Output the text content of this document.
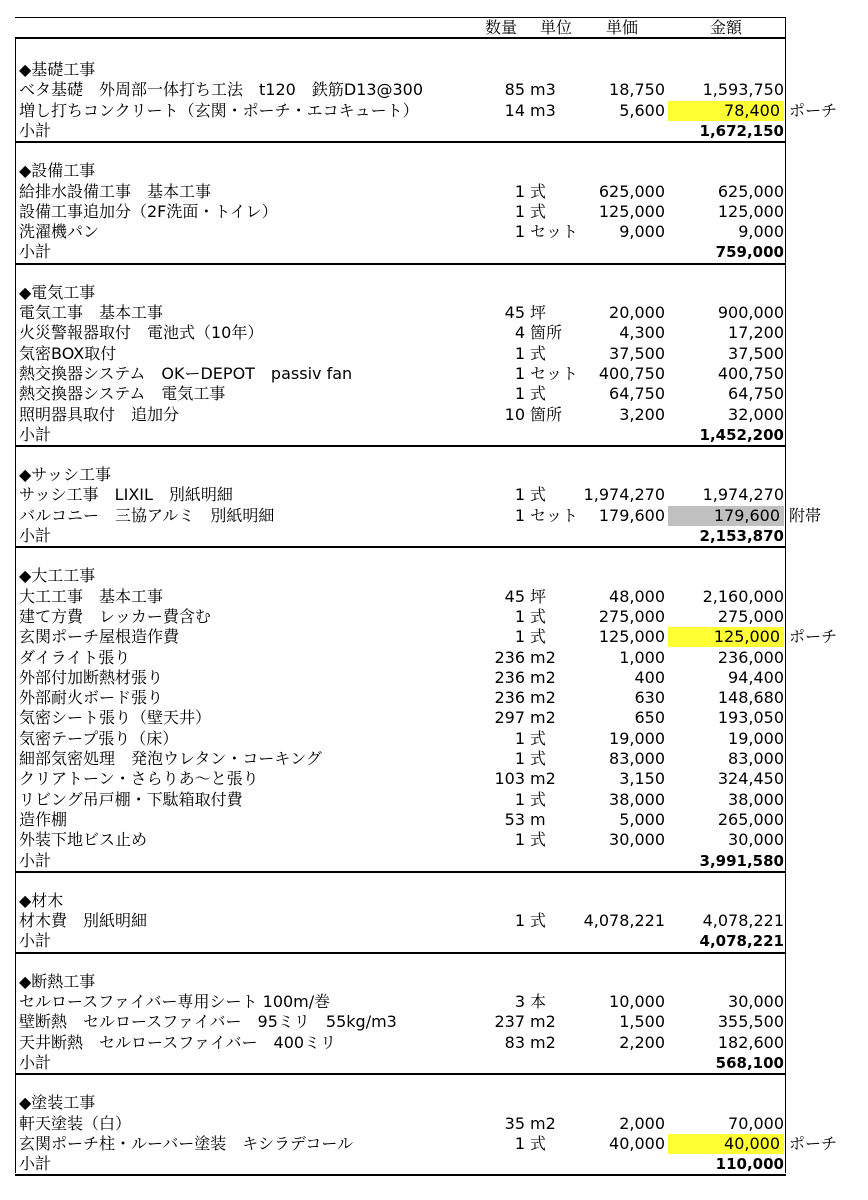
数量 単位 単価	金額
◆基礎工事
ベタ基礎　外周部一体打ち工法　t120　鉄筋D13@300	85 m3	18,750	1,593,750
増し打ちコンクリート（玄関・ポーチ・エコキュート）	14 m3	5,600	78,400 ポーチ
小計	1,672,150
◆設備工事
給排水設備工事　基本工事	1 式	625,000	625,000
設備工事追加分（2F洗面・トイレ）	1 式	125,000	125,000
洗濯機パン	1 セット	9,000	9,000
小計	759,000
◆電気工事
電気工事　基本工事	45 坪	20,000	900,000
火災警報器取付　電池式（10年）	4 箇所	4,300	17,200
気密BOX取付	1 式	37,500	37,500
熱交換器システム　OKーDEPOT　passiv fan	1 セット	400,750	400,750
熱交換器システム　電気工事	1 式	64,750	64,750
照明器具取付　追加分	10 箇所	3,200	32,000
小計	1,452,200
◆サッシ工事
サッシ工事　LIXIL　別紙明細	1 式	1,974,270	1,974,270
バルコニー　三協アルミ　別紙明細	1 セット	179,600	179,600 附帯
小計	2,153,870
◆大工工事
大工工事　基本工事	45 坪	48,000	2,160,000
建て方費　レッカー費含む	1 式	275,000	275,000
玄関ポーチ屋根造作費	1 式	125,000	125,000 ポーチ
ダイライト張り	236 m2	1,000	236,000
外部付加断熱材張り	236 m2	400	94,400
外部耐火ボード張り	236 m2	630	148,680
気密シート張り（壁天井）	297 m2	650	193,050
気密テープ張り（床）	1 式	19,000	19,000
細部気密処理　発泡ウレタン・コーキング	1 式	83,000	83,000
クリアトーン・さらりあ～と張り	103 m2	3,150	324,450
リビング吊戸棚・下駄箱取付費	1 式	38,000	38,000
造作棚	53 m	5,000	265,000
外装下地ビス止め	1 式	30,000	30,000
小計	3,991,580
◆材木
材木費　別紙明細	1 式	4,078,221	4,078,221
小計	4,078,221
◆断熱工事
セルロースファイバー専用シート 100m/巻	3 本	10,000	30,000
壁断熱　セルロースファイバー　95ミリ　55kg/m3	237 m2	1,500	355,500
天井断熱　セルロースファイバー　400ミリ	83 m2	2,200	182,600
小計	568,100
◆塗装工事
軒天塗装（白）	35 m2	2,000	70,000
玄関ポーチ柱・ルーバー塗装　キシラデコール	1 式	40,000	40,000 ポーチ
小計	110,000
